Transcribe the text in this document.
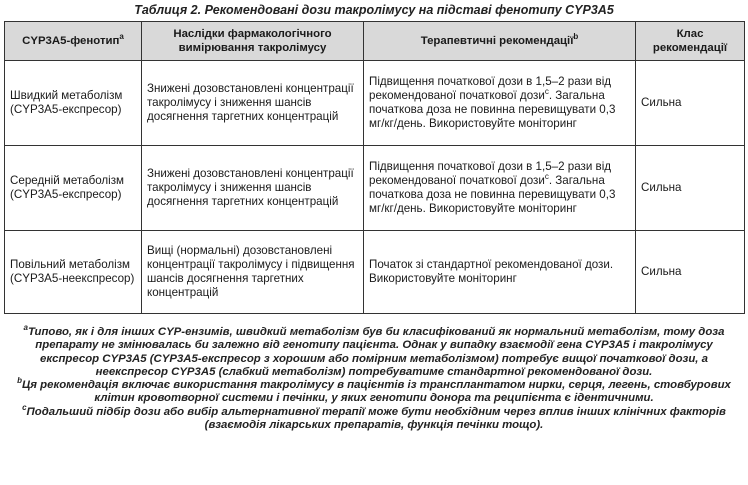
Таблиця 2. Рекомендовані дози такролімусу на підставі фенотипу CYP3A5
CYP3A5-фенотип$^a$	Наслідки фармакологічного вимірювання такролімусу	Терапевтичні рекомендації$^b$	Клас рекомендації
Швидкий метаболізм (CYP3A5-експресор)	Знижені дозовстановлені концентрації такролімусу і зниження шансів досягнення таргетних концентрацій	Підвищення початкової дози в 1,5–2 рази від рекомендованої початкової дози$^c$. Загальна початкова доза не повинна перевищувати 0,3 мг/кг/день. Використовуйте моніторинг	Сильна
Середній метаболізм (CYP3A5-експресор)	Знижені дозовстановлені концентрації такролімусу і зниження шансів досягнення таргетних концентрацій	Підвищення початкової дози в 1,5–2 рази від рекомендованої початкової дози$^c$. Загальна початкова доза не повинна перевищувати 0,3 мг/кг/день. Використовуйте моніторинг	Сильна
Повільний метаболізм (CYP3A5-неекспресор)	Вищі (нормальні) дозовстановлені концентрації такролімусу і підвищення шансів досягнення таргетних концентрацій	Початок зі стандартної рекомендованої дози. Використовуйте моніторинг	Сильна

$^a$Типово, як і для інших CYP-ензимів, швидкий метаболізм був би класифікований як нормальний метаболізм, тому доза препарату не змінювалась би залежно від генотипу пацієнта. Однак у випадку взаємодії гена CYP3A5 і такролімусу експресор CYP3A5 (CYP3A5-експресор з хорошим або помірним метаболізмом) потребує вищої початкової дози, а неекспресор CYP3A5 (слабкий метаболізм) потребуватиме стандартної рекомендованої дози.

$^b$Ця рекомендація включає використання такролімусу в пацієнтів із трансплантатом нирки, серця, легень, стовбурових клітин кровотворної системи і печінки, у яких генотипи донора та реципієнта є ідентичними.

$^c$Подальший підбір дози або вибір альтернативної терапії може бути необхідним через вплив інших клінічних факторів (взаємодія лікарських препаратів, функція печінки тощо).
